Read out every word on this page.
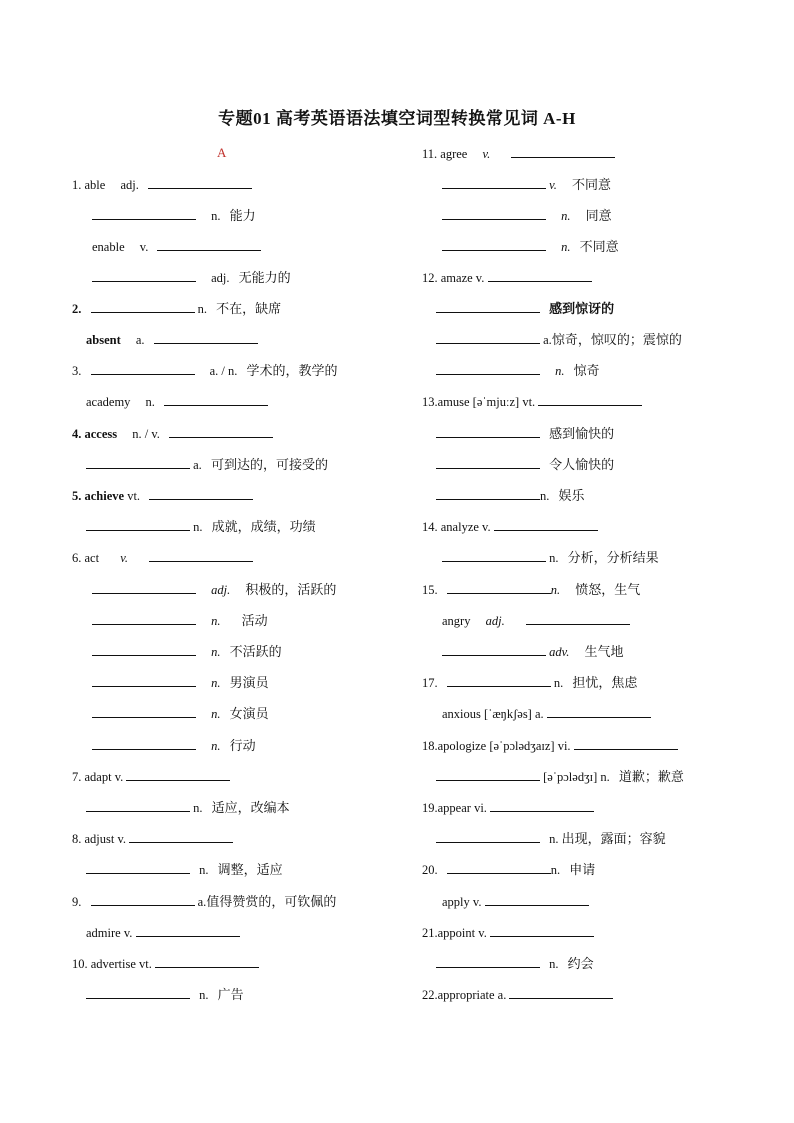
专题01 高考英语语法填空词型转换常见词 A-H
A
1. able adj.
n. 能力
enable v.
adj. 无能力的
2.	n. 不在，缺席
absent a.
3.	a. / n. 学术的，教学的
academy n.
4. access n. / v.
a. 可到达的，可接受的
5. achieve vt.
n. 成就，成绩，功绩
6. act v.
adj. 积极的，活跃的
n. 活动
n. 不活跃的
n. 男演员
n. 女演员
n. 行动
7. adapt v.
n. 适应，改编本
8. adjust v.
n. 调整，适应
9.	a.值得赞赏的，可钦佩的
admire v.
10. advertise vt.
n. 广告
11. agree v.
v. 不同意
n. 同意
n. 不同意
12. amaze v.
感到惊讶的
a.惊奇，惊叹的；震惊的
n. 惊奇
13.amuse [əˈmjuːz] vt.
感到愉快的
令人愉快的
n. 娱乐
14. analyze v.
n. 分析，分析结果
15.	n. 愤怒，生气
angry adj.
adv. 生气地
17.	n. 担忧，焦虑
anxious [ˈæŋkʃəs] a.
18.apologize [əˈpɔlədʒaɪz] vi.
[əˈpɔlədʒɪ] n. 道歉；歉意
19.appear vi.
n. 出现，露面；容貌
20.	n. 申请
apply v.
21.appoint v.
n. 约会
22.appropriate a.
